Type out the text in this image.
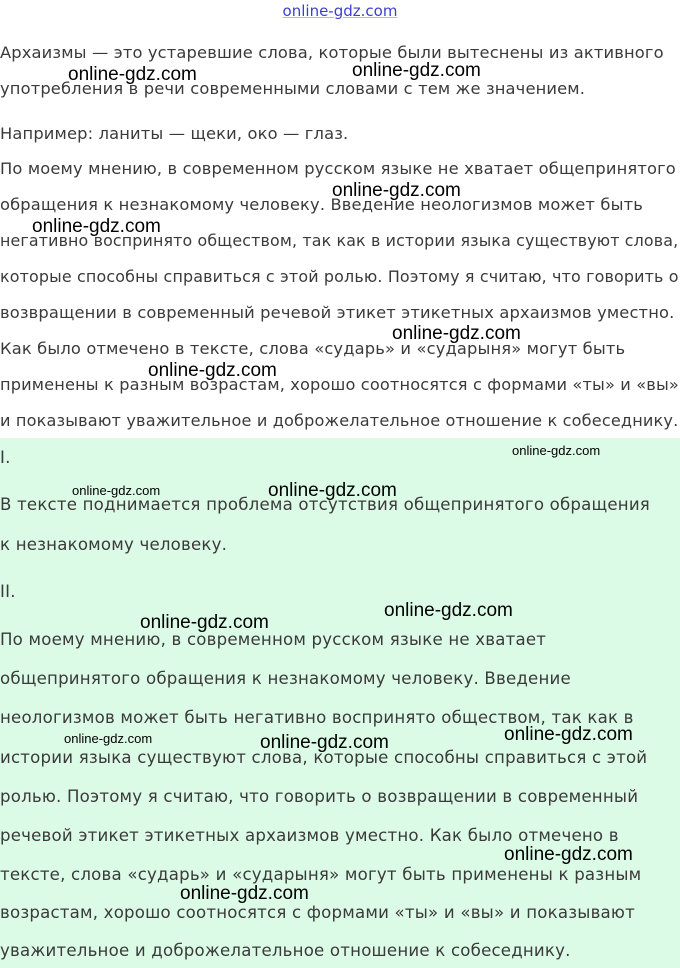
online-gdz.com
Архаизмы — это устаревшие слова, которые были вытеснены из активного
употребления в речи современными словами с тем же значением.
Например: ланиты — щеки, око — глаз.
По моему мнению, в современном русском языке не хватает общепринятого
обращения к незнакомому человеку. Введение неологизмов может быть
негативно воспринято обществом, так как в истории языка существуют слова,
которые способны справиться с этой ролью. Поэтому я считаю, что говорить о
возвращении в современный речевой этикет этикетных архаизмов уместно.
Как было отмечено в тексте, слова «сударь» и «сударыня» могут быть
применены к разным возрастам, хорошо соотносятся с формами «ты» и «вы»
и показывают уважительное и доброжелательное отношение к собеседнику.
I.
В тексте поднимается проблема отсутствия общепринятого обращения
к незнакомому человеку.
II.
По моему мнению, в современном русском языке не хватает
общепринятого обращения к незнакомому человеку. Введение
неологизмов может быть негативно воспринято обществом, так как в
истории языка существуют слова, которые способны справиться с этой
ролью. Поэтому я считаю, что говорить о возвращении в современный
речевой этикет этикетных архаизмов уместно. Как было отмечено в
тексте, слова «сударь» и «сударыня» могут быть применены к разным
возрастам, хорошо соотносятся с формами «ты» и «вы» и показывают
уважительное и доброжелательное отношение к собеседнику.
online-gdz.com	online-gdz.com
online-gdz.com
online-gdz.com
online-gdz.com
online-gdz.com
online-gdz.com
online-gdz.com	online-gdz.com
online-gdz.com
online-gdz.com
online-gdz.com	online-gdz.com	online-gdz.com
online-gdz.com
online-gdz.com
